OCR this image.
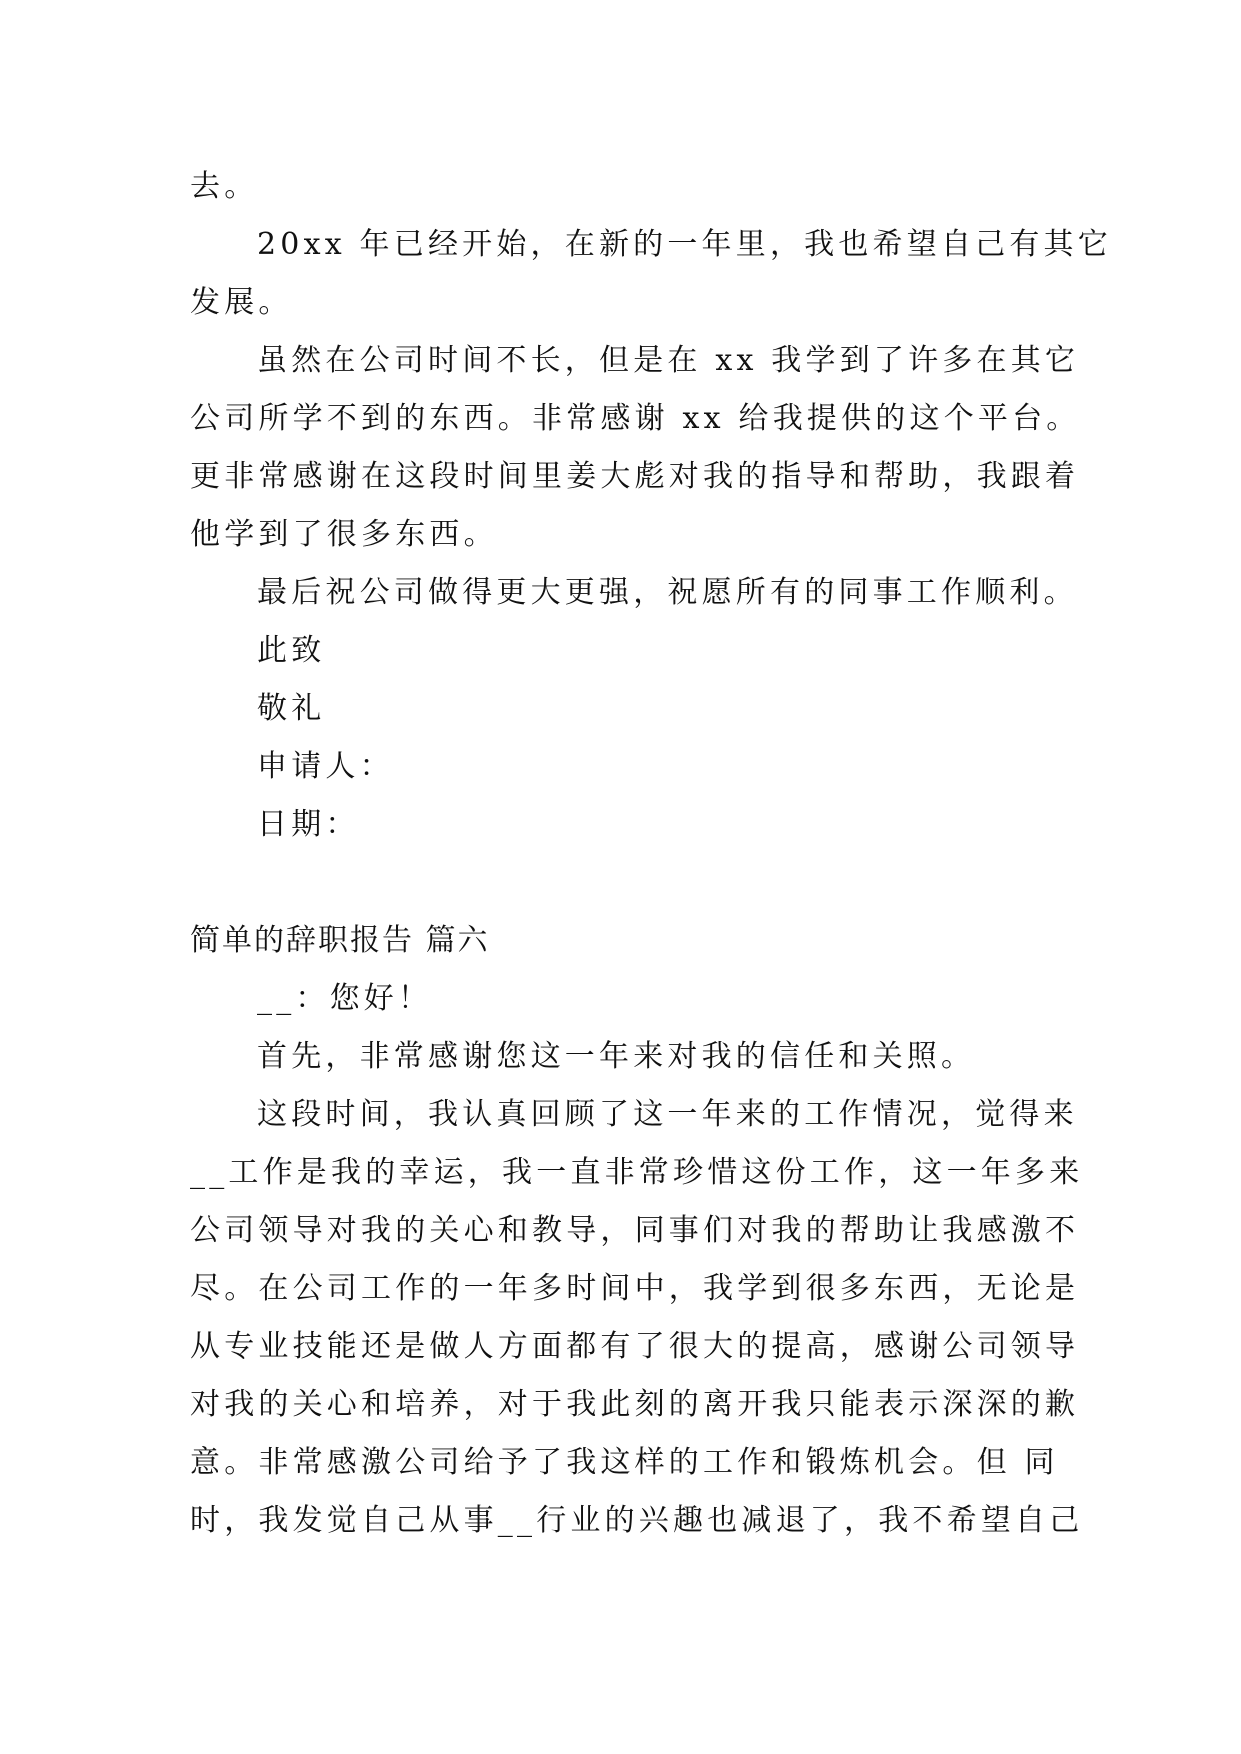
去。
20xx 年已经开始，在新的一年里，我也希望自己有其它
发展。
虽然在公司时间不长，但是在 xx 我学到了许多在其它
公司所学不到的东西。非常感谢 xx 给我提供的这个平台。
更非常感谢在这段时间里姜大彪对我的指导和帮助，我跟着
他学到了很多东西。
最后祝公司做得更大更强，祝愿所有的同事工作顺利。
此致
敬礼
申请人：
日期：
简单的辞职报告 篇六
__：您好！
首先，非常感谢您这一年来对我的信任和关照。
这段时间，我认真回顾了这一年来的工作情况，觉得来
__工作是我的幸运，我一直非常珍惜这份工作，这一年多来
公司领导对我的关心和教导，同事们对我的帮助让我感激不
尽。在公司工作的一年多时间中，我学到很多东西，无论是
从专业技能还是做人方面都有了很大的提高，感谢公司领导
对我的关心和培养，对于我此刻的离开我只能表示深深的歉
意。非常感激公司给予了我这样的工作和锻炼机会。但 同
时，我发觉自己从事__行业的兴趣也减退了，我不希望自己
